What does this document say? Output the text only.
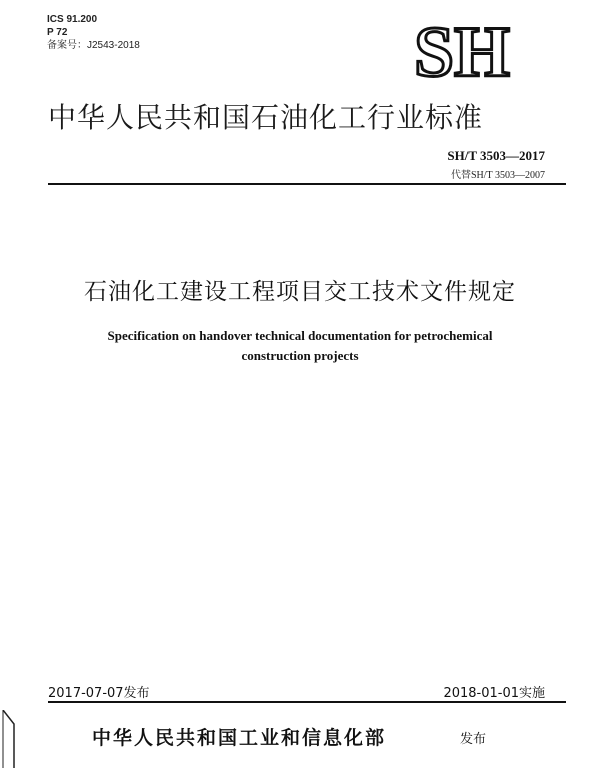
ICS 91.200
P 72
备案号：J2543-2018	SH
中华人民共和国石油化工行业标准
SH/T 3503—2017
代替SH/T 3503—2007
石油化工建设工程项目交工技术文件规定
Specification on handover technical documentation for petrochemical
construction projects
2017-07-07发布	2018-01-01实施
中华人民共和国工业和信息化部	发布
